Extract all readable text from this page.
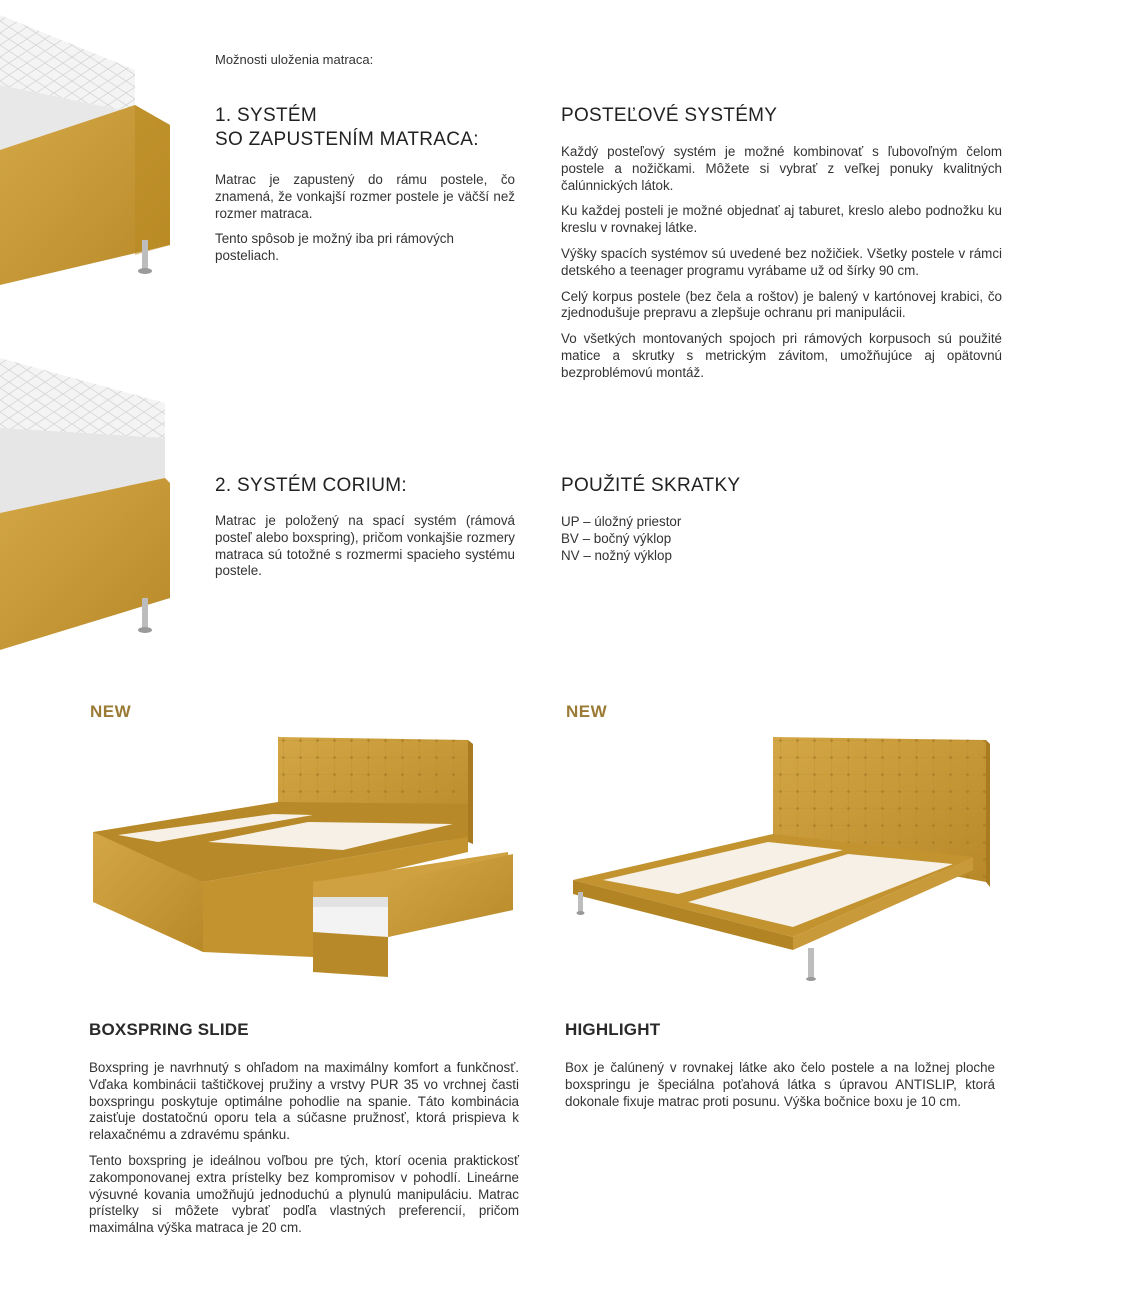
Možnosti uloženia matraca:
1. SYSTÉM
SO ZAPUSTENÍM MATRACA:

Matrac je zapustený do rámu postele, čo znamená, že vonkajší rozmer postele je väčší než rozmer matraca.

Tento spôsob je možný iba pri rámových posteliach.

POSTEĽOVÉ SYSTÉMY

Každý posteľový systém je možné kombinovať s ľubovoľným čelom postele a nožičkami. Môžete si vybrať z veľkej ponuky kvalitných čalúnnických látok.

Ku každej posteli je možné objednať aj taburet, kreslo alebo podnožku ku kreslu v rovnakej látke.

Výšky spacích systémov sú uvedené bez nožičiek. Všetky postele v rámci detského a teenager programu vyrábame už od šírky 90 cm.

Celý korpus postele (bez čela a roštov) je balený v kartónovej krabici, čo zjednodušuje prepravu a zlepšuje ochranu pri manipulácii.

Vo všetkých montovaných spojoch pri rámových korpusoch sú použité matice a skrutky s metrickým závitom, umožňujúce aj opätovnú bezproblémovú montáž.

2. SYSTÉM CORIUM:

Matrac je položený na spací systém (rámová posteľ alebo boxspring), pričom vonkajšie rozmery matraca sú totožné s rozmermi spacieho systému postele.

POUŽITÉ SKRATKY
UP – úložný priestor
BV – bočný výklop
NV – nožný výklop
NEW	NEW
BOXSPRING SLIDE

Boxspring je navrhnutý s ohľadom na maximálny komfort a funkčnosť. Vďaka kombinácii taštičkovej pružiny a vrstvy PUR 35 vo vrchnej časti boxspringu poskytuje optimálne pohodlie na spanie. Táto kombinácia zaisťuje dostatočnú oporu tela a súčasne pružnosť, ktorá prispieva k relaxačnému a zdravému spánku.

Tento boxspring je ideálnou voľbou pre tých, ktorí ocenia praktickosť zakomponovanej extra prístelky bez kompromisov v pohodlí. Lineárne výsuvné kovania umožňujú jednoduchú a plynulú manipuláciu. Matrac prístelky si môžete vybrať podľa vlastných preferencií, pričom maximálna výška matraca je 20 cm.

HIGHLIGHT

Box je čalúnený v rovnakej látke ako čelo postele a na ložnej ploche boxspringu je špeciálna poťahová látka s úpravou ANTISLIP, ktorá dokonale fixuje matrac proti posunu. Výška bočnice boxu je 10 cm.
